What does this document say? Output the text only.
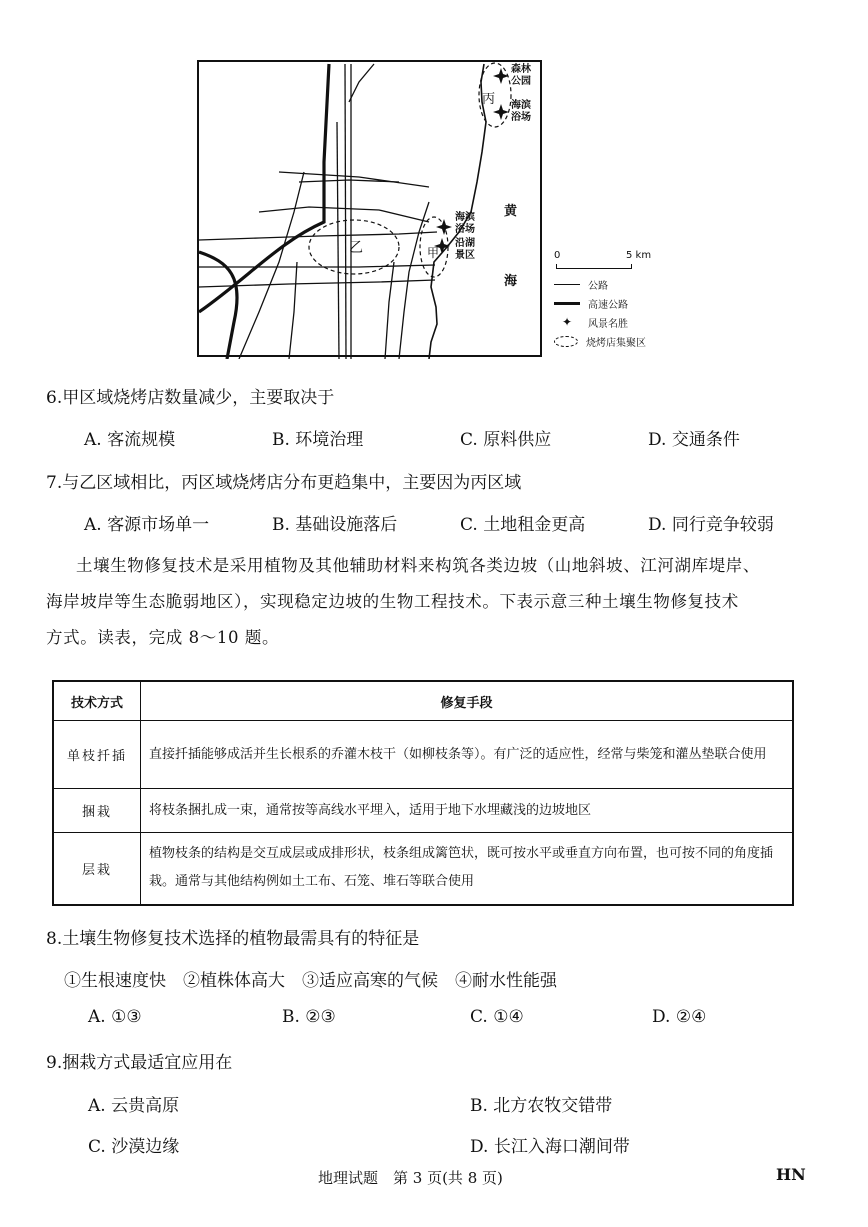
森林公园
丙 海滨浴场
黄
海
乙
海滨浴场
沿湖景区
甲	0	5 km
公路
高速公路
✦	风景名胜
烧烤店集聚区
6.甲区域烧烤店数量减少，主要取决于
A. 客流规模	B. 环境治理	C. 原料供应	D. 交通条件
7.与乙区域相比，丙区域烧烤店分布更趋集中，主要因为丙区域
A. 客源市场单一	B. 基础设施落后	C. 土地租金更高	D. 同行竞争较弱
土壤生物修复技术是采用植物及其他辅助材料来构筑各类边坡（山地斜坡、江河湖库堤岸、
海岸坡岸等生态脆弱地区），实现稳定边坡的生物工程技术。下表示意三种土壤生物修复技术
方式。读表，完成 8～10 题。
技术方式	修复手段
单枝扦插	直接扦插能够成活并生长根系的乔灌木枝干（如柳枝条等）。有广泛的适应性，经常与柴笼和灌丛垫联合使用
捆栽	将枝条捆扎成一束，通常按等高线水平埋入，适用于地下水埋藏浅的边坡地区
层栽	植物枝条的结构是交互成层或成排形状，枝条组成篱笆状，既可按水平或垂直方向布置，也可按不同的角度插栽。通常与其他结构例如土工布、石笼、堆石等联合使用
8.土壤生物修复技术选择的植物最需具有的特征是
①生根速度快　②植株体高大　③适应高寒的气候　④耐水性能强
A. ①③	B. ②③	C. ①④	D. ②④
9.捆栽方式最适宜应用在
A. 云贵高原	B. 北方农牧交错带
C. 沙漠边缘	D. 长江入海口潮间带
地理试题　第 3 页(共 8 页)	HN
